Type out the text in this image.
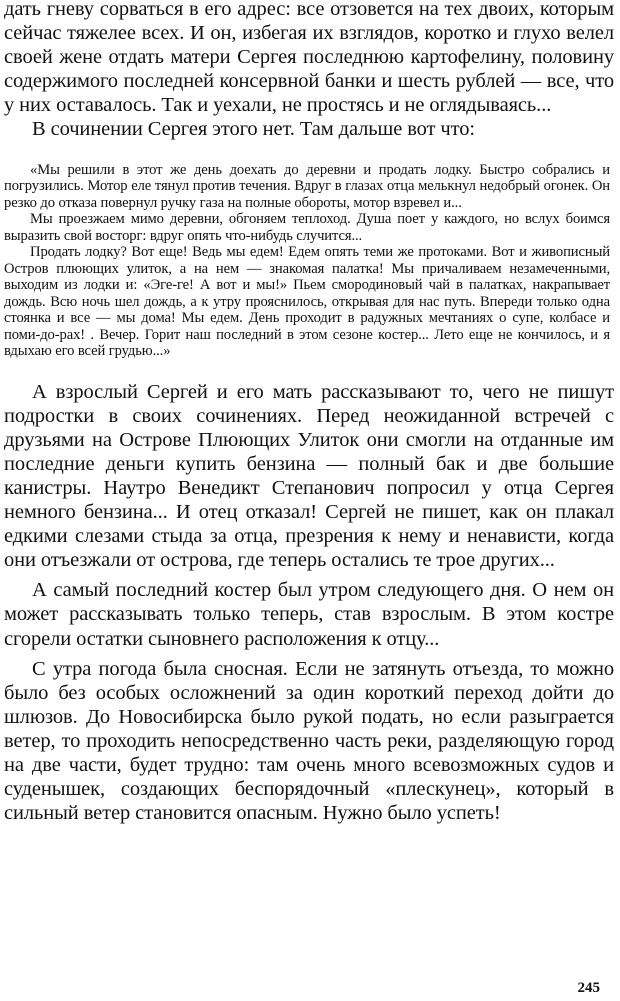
дать гневу сорваться в его адрес: все отзовется на тех двоих, которым сейчас тяжелее всех. И он, избегая их взглядов, коротко и глухо велел своей жене отдать матери Сергея последнюю картофелину, половину содержимого последней консервной банки и шесть рублей — все, что у них оставалось. Так и уехали, не простясь и не оглядываясь...

В сочинении Сергея этого нет. Там дальше вот что:

«Мы решили в этот же день доехать до деревни и продать лодку. Быстро собрались и погрузились. Мотор еле тянул против течения. Вдруг в глазах отца мелькнул недобрый огонек. Он резко до отказа повернул ручку газа на полные обороты, мотор взревел и...

Мы проезжаем мимо деревни, обгоняем теплоход. Душа поет у каждого, но вслух боимся выразить свой восторг: вдруг опять что-нибудь случится...

Продать лодку? Вот еще! Ведь мы едем! Едем опять теми же протоками. Вот и живописный Остров плюющих улиток, а на нем — знакомая палатка! Мы причаливаем незамеченными, выходим из лодки и: «Эге-ге! А вот и мы!» Пьем смородиновый чай в палатках, накрапывает дождь. Всю ночь шел дождь, а к утру прояснилось, открывая для нас путь. Впереди только одна стоянка и все — мы дома! Мы едем. День проходит в радужных мечтаниях о супе, колбасе и поми-до-рах! . Вечер. Горит наш последний в этом сезоне костер... Лето еще не кончилось, и я вдыхаю его всей грудью...»

А взрослый Сергей и его мать рассказывают то, чего не пишут подростки в своих сочинениях. Перед неожиданной встречей с друзьями на Острове Плюющих Улиток они смогли на отданные им последние деньги купить бензина — полный бак и две большие канистры. Наутро Венедикт Степанович попросил у отца Сергея немного бензина... И отец отказал! Сергей не пишет, как он плакал едкими слезами стыда за отца, презрения к нему и ненависти, когда они отъезжали от острова, где теперь остались те трое других...

А самый последний костер был утром следующего дня. О нем он может рассказывать только теперь, став взрослым. В этом костре сгорели остатки сыновнего расположения к отцу...

С утра погода была сносная. Если не затянуть отъезда, то можно было без особых осложнений за один короткий переход дойти до шлюзов. До Новосибирска было рукой подать, но если разыграется ветер, то проходить непосредственно часть реки, разделяющую город на две части, будет трудно: там очень много всевозможных судов и суденышек, создающих беспорядочный «плескунец», который в сильный ветер становится опасным. Нужно было успеть!

245
